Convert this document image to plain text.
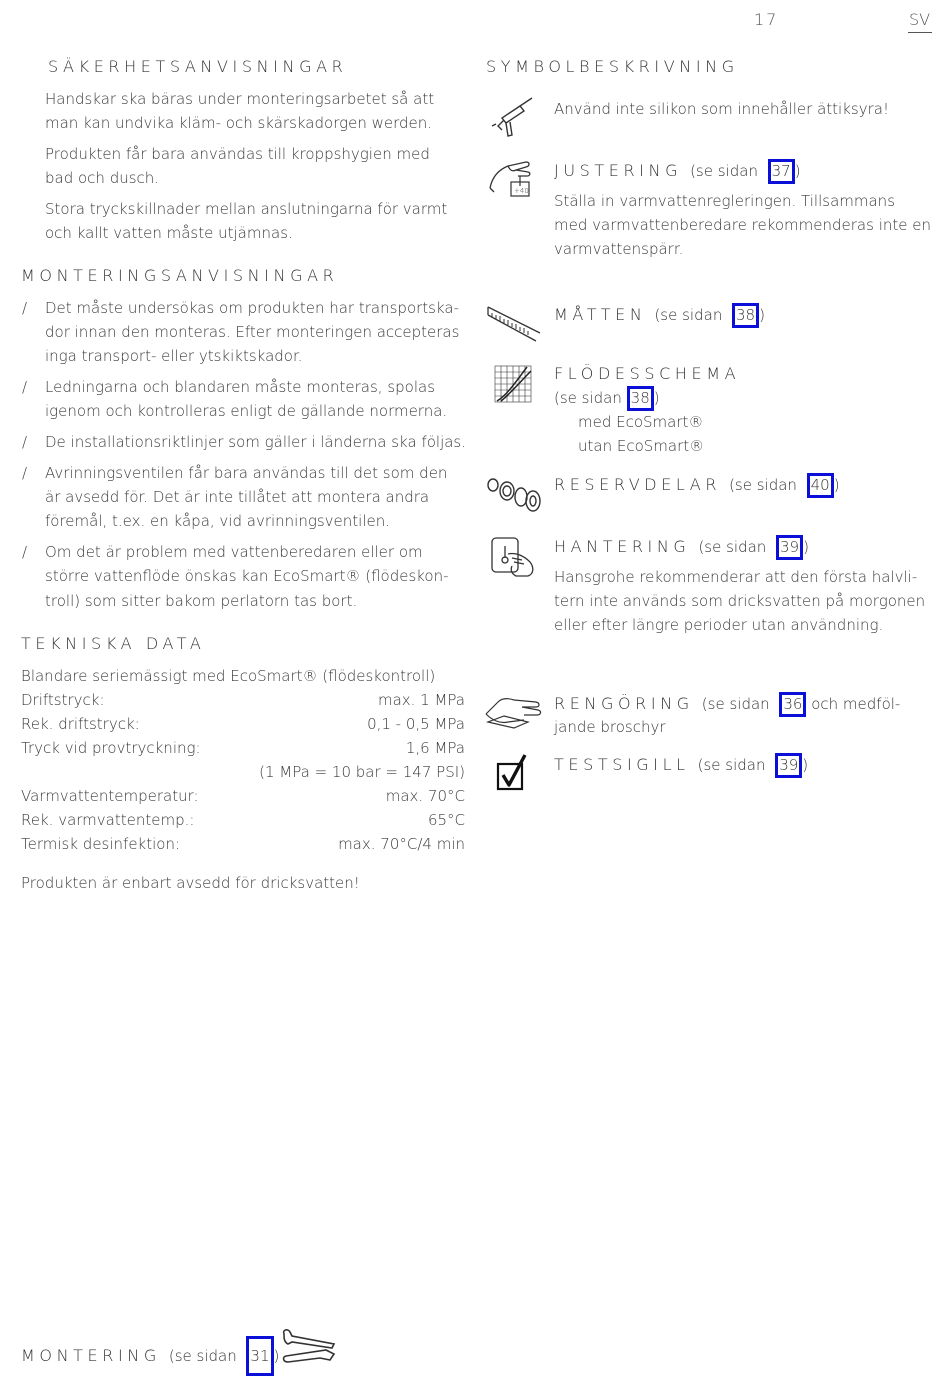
17	SV
SÄKERHETSANVISNINGAR
Handskar ska bäras under monteringsarbetet så att
man kan undvika kläm- och skärskadorgen werden.
Produkten får bara användas till kroppshygien med
bad och dusch.
Stora tryckskillnader mellan anslutningarna för varmt
och kallt vatten måste utjämnas.
MONTERINGSANVISNINGAR
/ Det måste undersökas om produkten har transportska-
dor innan den monteras. Efter monteringen accepteras
inga transport- eller ytskiktskador.
/ Ledningarna och blandaren måste monteras, spolas
igenom och kontrolleras enligt de gällande normerna.
/ De installationsriktlinjer som gäller i länderna ska följas.
/ Avrinningsventilen får bara användas till det som den
är avsedd för. Det är inte tillåtet att montera andra
föremål, t.ex. en kåpa, vid avrinningsventilen.
/ Om det är problem med vattenberedaren eller om
större vattenflöde önskas kan EcoSmart® (flödeskon-
troll) som sitter bakom perlatorn tas bort.
TEKNISKA DATA
Blandare seriemässigt med EcoSmart® (flödeskontroll)
Driftstryck:	max. 1 MPa
Rek. driftstryck:	0,1 - 0,5 MPa
Tryck vid provtryckning:	1,6 MPa
(1 MPa = 10 bar = 147 PSI)
Varmvattentemperatur:	max. 70°C
Rek. varmvattentemp.:	65°C
Termisk desinfektion:	max. 70°C/4 min
Produkten är enbart avsedd för dricksvatten!
SYMBOLBESKRIVNING
Använd inte silikon som innehåller ättiksyra!
+40
JUSTERING (se sidan 37 )
Ställa in varmvattenregleringen. Tillsammans
med varmvattenberedare rekommenderas inte en
varmvattenspärr.
MÅTTEN (se sidan 38 )
FLÖDESSCHEMA
(se sidan 38 )
med EcoSmart®
utan EcoSmart®
RESERVDELAR (se sidan 40 )
HANTERING (se sidan 39 )
Hansgrohe rekommenderar att den första halvli-
tern inte används som dricksvatten på morgonen
eller efter längre perioder utan användning.
RENGÖRING (se sidan 36 och medföl-
jande broschyr
TESTSIGILL (se sidan 39 )
MONTERING (se sidan 31 )
